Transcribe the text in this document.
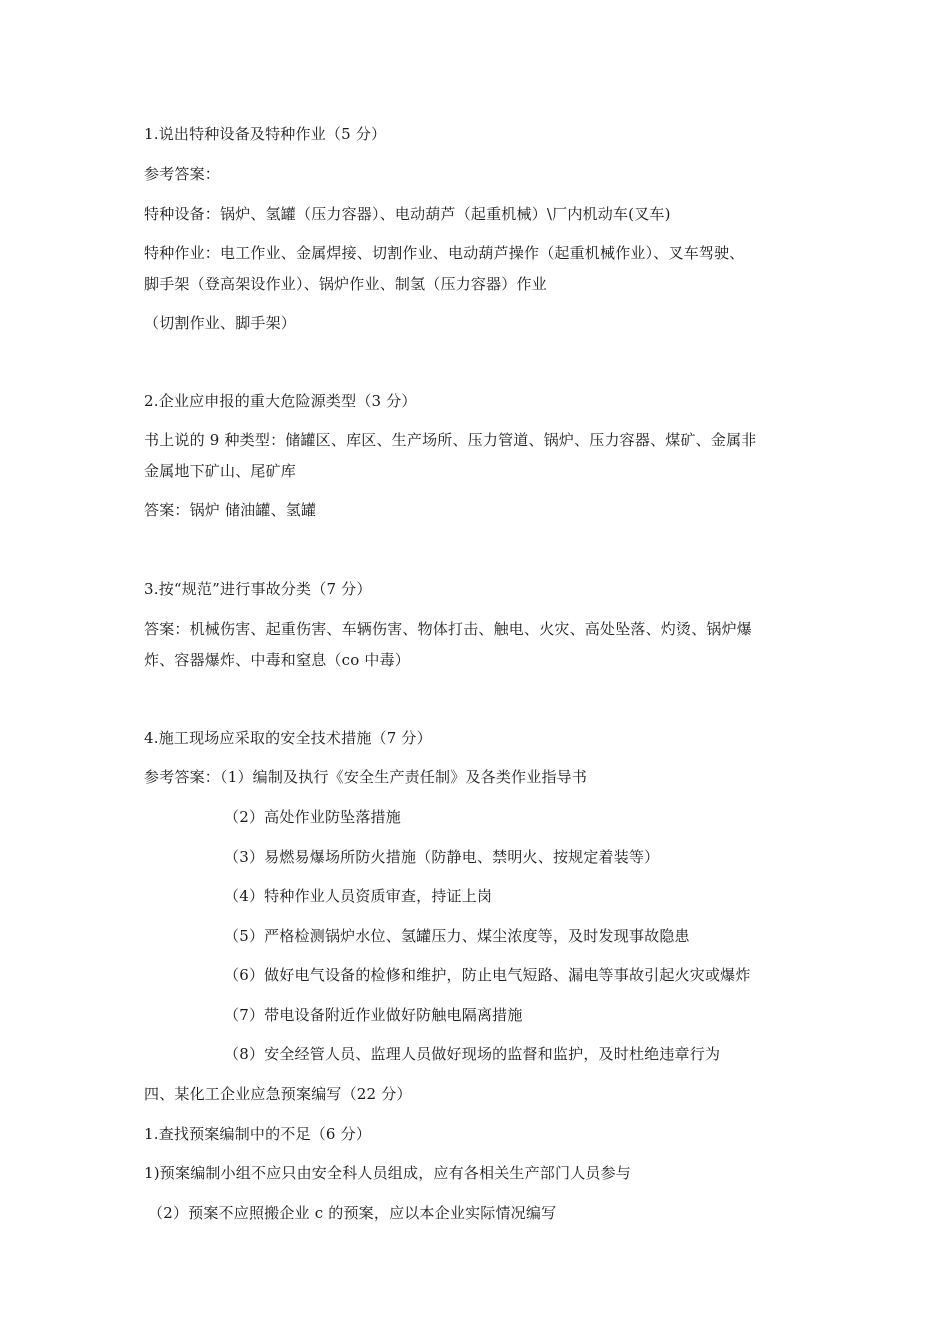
1.说出特种设备及特种作业（5 分）
参考答案：
特种设备：锅炉、氢罐（压力容器）、电动葫芦（起重机械）\厂内机动车(叉车)
特种作业：电工作业、金属焊接、切割作业、电动葫芦操作（起重机械作业）、叉车驾驶、
脚手架（登高架设作业）、锅炉作业、制氢（压力容器）作业
（切割作业、脚手架）
2.企业应申报的重大危险源类型（3 分）
书上说的 9 种类型：储罐区、库区、生产场所、压力管道、锅炉、压力容器、煤矿、金属非
金属地下矿山、尾矿库
答案：锅炉 储油罐、氢罐
3.按“规范”进行事故分类（7 分）
答案：机械伤害、起重伤害、车辆伤害、物体打击、触电、火灾、高处坠落、灼烫、锅炉爆
炸、容器爆炸、中毒和窒息（co 中毒）
4.施工现场应采取的安全技术措施（7 分）
参考答案：（1）编制及执行《安全生产责任制》及各类作业指导书
（2）高处作业防坠落措施
（3）易燃易爆场所防火措施（防静电、禁明火、按规定着装等）
（4）特种作业人员资质审查，持证上岗
（5）严格检测锅炉水位、氢罐压力、煤尘浓度等，及时发现事故隐患
（6）做好电气设备的检修和维护，防止电气短路、漏电等事故引起火灾或爆炸
（7）带电设备附近作业做好防触电隔离措施
（8）安全经管人员、监理人员做好现场的监督和监护，及时杜绝违章行为
四、某化工企业应急预案编写（22 分）
1.查找预案编制中的不足（6 分）
1)预案编制小组不应只由安全科人员组成，应有各相关生产部门人员参与
（2）预案不应照搬企业 c 的预案，应以本企业实际情况编写
